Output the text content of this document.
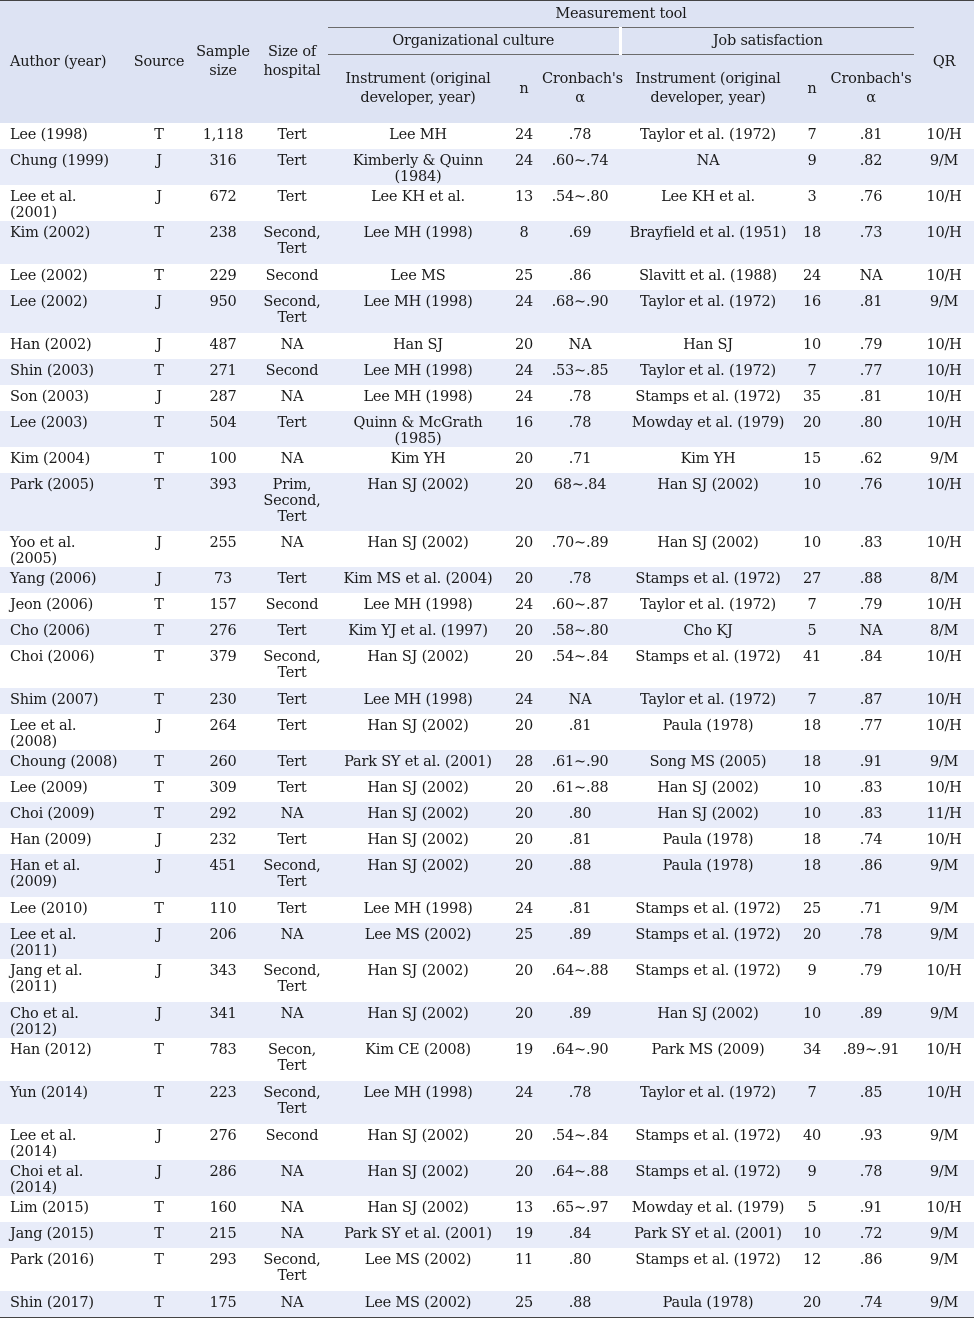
Author (year)	Source	Sample size	Size of hospital	Measurement tool						QR
				Organizational culture			Job satisfaction			
				Instrument (original developer, year)	n	Cronbach's α	Instrument (original developer, year)	n	Cronbach's α	
Lee (1998)	T	1,118	Tert	Lee MH	24	.78	Taylor et al. (1972)	7	.81	10/H
Chung (1999)	J	316	Tert	Kimberly & Quinn (1984)	24	.60~.74	NA	9	.82	9/M
Lee et al. (2001)	J	672	Tert	Lee KH et al.	13	.54~.80	Lee KH et al.	3	.76	10/H
Kim (2002)	T	238	Second, Tert	Lee MH (1998)	8	.69	Brayfield et al. (1951)	18	.73	10/H
Lee (2002)	T	229	Second	Lee MS	25	.86	Slavitt et al. (1988)	24	NA	10/H
Lee (2002)	J	950	Second, Tert	Lee MH (1998)	24	.68~.90	Taylor et al. (1972)	16	.81	9/M
Han (2002)	J	487	NA	Han SJ	20	NA	Han SJ	10	.79	10/H
Shin (2003)	T	271	Second	Lee MH (1998)	24	.53~.85	Taylor et al. (1972)	7	.77	10/H
Son (2003)	J	287	NA	Lee MH (1998)	24	.78	Stamps et al. (1972)	35	.81	10/H
Lee (2003)	T	504	Tert	Quinn & McGrath (1985)	16	.78	Mowday et al. (1979)	20	.80	10/H
Kim (2004)	T	100	NA	Kim YH	20	.71	Kim YH	15	.62	9/M
Park (2005)	T	393	Prim, Second, Tert	Han SJ (2002)	20	68~.84	Han SJ (2002)	10	.76	10/H
Yoo et al. (2005)	J	255	NA	Han SJ (2002)	20	.70~.89	Han SJ (2002)	10	.83	10/H
Yang (2006)	J	73	Tert	Kim MS et al. (2004)	20	.78	Stamps et al. (1972)	27	.88	8/M
Jeon (2006)	T	157	Second	Lee MH (1998)	24	.60~.87	Taylor et al. (1972)	7	.79	10/H
Cho (2006)	T	276	Tert	Kim YJ et al. (1997)	20	.58~.80	Cho KJ	5	NA	8/M
Choi (2006)	T	379	Second, Tert	Han SJ (2002)	20	.54~.84	Stamps et al. (1972)	41	.84	10/H
Shim (2007)	T	230	Tert	Lee MH (1998)	24	NA	Taylor et al. (1972)	7	.87	10/H
Lee et al. (2008)	J	264	Tert	Han SJ (2002)	20	.81	Paula (1978)	18	.77	10/H
Choung (2008)	T	260	Tert	Park SY et al. (2001)	28	.61~.90	Song MS (2005)	18	.91	9/M
Lee (2009)	T	309	Tert	Han SJ (2002)	20	.61~.88	Han SJ (2002)	10	.83	10/H
Choi (2009)	T	292	NA	Han SJ (2002)	20	.80	Han SJ (2002)	10	.83	11/H
Han (2009)	J	232	Tert	Han SJ (2002)	20	.81	Paula (1978)	18	.74	10/H
Han et al. (2009)	J	451	Second, Tert	Han SJ (2002)	20	.88	Paula (1978)	18	.86	9/M
Lee (2010)	T	110	Tert	Lee MH (1998)	24	.81	Stamps et al. (1972)	25	.71	9/M
Lee et al. (2011)	J	206	NA	Lee MS (2002)	25	.89	Stamps et al. (1972)	20	.78	9/M
Jang et al. (2011)	J	343	Second, Tert	Han SJ (2002)	20	.64~.88	Stamps et al. (1972)	9	.79	10/H
Cho et al. (2012)	J	341	NA	Han SJ (2002)	20	.89	Han SJ (2002)	10	.89	9/M
Han (2012)	T	783	Secon, Tert	Kim CE (2008)	19	.64~.90	Park MS (2009)	34	.89~.91	10/H
Yun (2014)	T	223	Second, Tert	Lee MH (1998)	24	.78	Taylor et al. (1972)	7	.85	10/H
Lee et al. (2014)	J	276	Second	Han SJ (2002)	20	.54~.84	Stamps et al. (1972)	40	.93	9/M
Choi et al. (2014)	J	286	NA	Han SJ (2002)	20	.64~.88	Stamps et al. (1972)	9	.78	9/M
Lim (2015)	T	160	NA	Han SJ (2002)	13	.65~.97	Mowday et al. (1979)	5	.91	10/H
Jang (2015)	T	215	NA	Park SY et al. (2001)	19	.84	Park SY et al. (2001)	10	.72	9/M
Park (2016)	T	293	Second, Tert	Lee MS (2002)	11	.80	Stamps et al. (1972)	12	.86	9/M
Shin (2017)	T	175	NA	Lee MS (2002)	25	.88	Paula (1978)	20	.74	9/M
